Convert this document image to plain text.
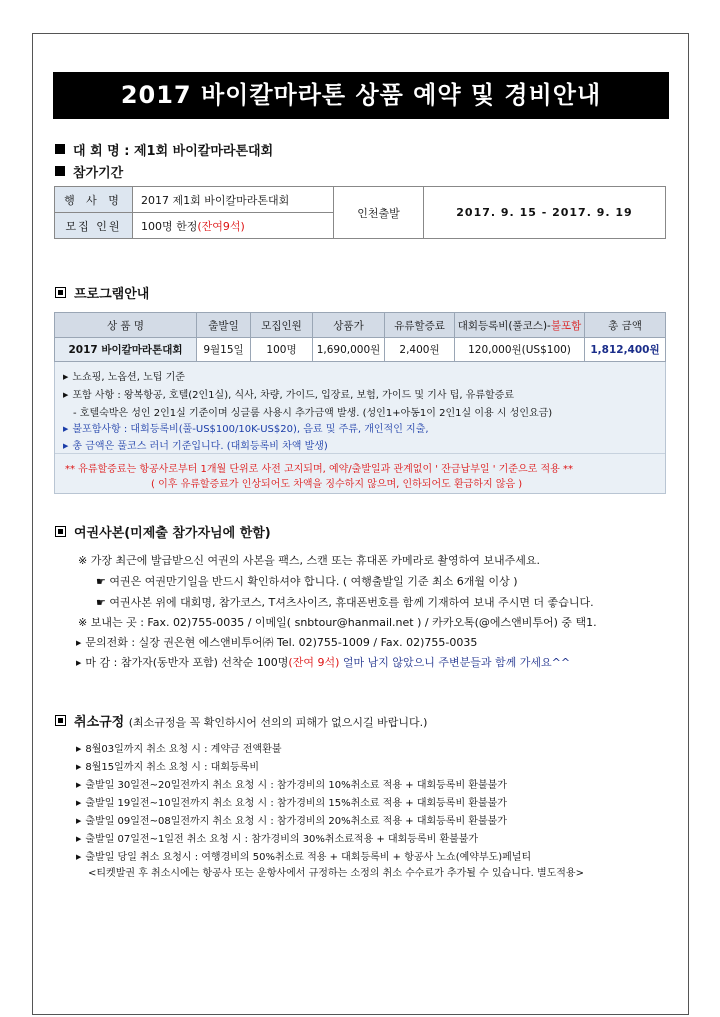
2017 바이칼마라톤 상품 예약 및 경비안내
대 회 명 : 제1회 바이칼마라톤대회
참가기간
행 사 명	2017 제1회 바이칼마라톤대회	인천출발	2017. 9. 15 - 2017. 9. 19
모집 인원	100명 한정(잔여9석)		
프로그램안내
상 품 명	출발일	모집인원	상품가	유류할증료	대회등록비(풀코스)-불포함	총 금액
2017 바이칼마라톤대회	9월15일	100명	1,690,000원	2,400원	120,000원(US$100)	1,812,400원
▶ 노쇼핑, 노옵션, 노팁 기준
▶ 포함 사항 : 왕복항공, 호텔(2인1실), 식사, 차량, 가이드, 입장료, 보험, 가이드 및 기사 팁, 유류할증료
- 호텔숙박은 성인 2인1실 기준이며 싱글룸 사용시 추가금액 발생. (성인1+아동1이 2인1실 이용 시 성인요금)
▶ 불포함사항 : 대회등록비(풀-US$100/10K-US$20), 음료 및 주류, 개인적인 지출,
▶ 총 금액은 풀코스 러너 기준입니다. (대회등록비 차액 발생)
** 유류할증료는 항공사로부터 1개월 단위로 사전 고지되며, 예약/출발일과 관계없이 ' 잔금납부일 ' 기준으로 적용 **
( 이후 유류할증료가 인상되어도 차액을 징수하지 않으며, 인하되어도 환급하지 않음 )
여권사본(미제출 참가자님에 한함)
※ 가장 최근에 발급받으신 여권의 사본을 팩스, 스캔 또는 휴대폰 카메라로 촬영하여 보내주세요.
☛ 여권은 여권만기일을 반드시 확인하셔야 합니다. ( 여행출발일 기준 최소 6개월 이상 )
☛ 여권사본 위에 대회명, 참가코스, T셔츠사이즈, 휴대폰번호를 함께 기재하여 보내 주시면 더 좋습니다.
※ 보내는 곳 : Fax. 02)755-0035 / 이메일( snbtour@hanmail.net ) / 카카오톡(@에스앤비투어) 중 택1.
▶ 문의전화 : 실장 권은현 에스앤비투어㈜ Tel. 02)755-1009 / Fax. 02)755-0035
▶ 마 감 : 참가자(동반자 포함) 선착순 100명(잔여 9석) 얼마 남지 않았으니 주변분들과 함께 가세요^^
취소규정 (최소규정을 꼭 확인하시어 선의의 피해가 없으시길 바랍니다.)
▶ 8월03일까지 취소 요청 시 : 계약금 전액환불
▶ 8월15일까지 취소 요청 시 : 대회등록비
▶ 출발일 30일전~20일전까지 취소 요청 시 : 참가경비의 10%취소료 적용 + 대회등록비 환불불가
▶ 출발일 19일전~10일전까지 취소 요청 시 : 참가경비의 15%취소료 적용 + 대회등록비 환불불가
▶ 출발일 09일전~08일전까지 취소 요청 시 : 참가경비의 20%취소료 적용 + 대회등록비 환불불가
▶ 출발일 07일전~1일전 취소 요청 시 : 참가경비의 30%취소료적용 + 대회등록비 환불불가
▶ 출발일 당일 취소 요청시 : 여행경비의 50%취소료 적용 + 대회등록비 + 항공사 노쇼(예약부도)페널티
<티켓발권 후 취소시에는 항공사 또는 운항사에서 규정하는 소정의 취소 수수료가 추가될 수 있습니다. 별도적용>
